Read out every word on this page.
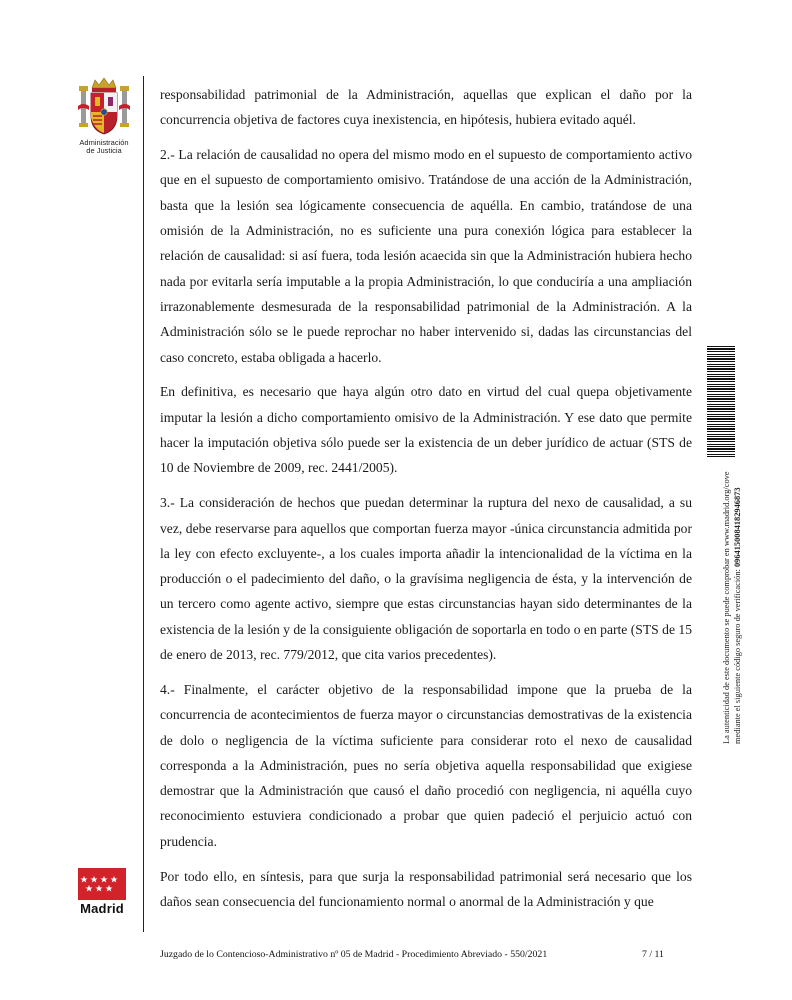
Administración
de Justicia
Madrid

responsabilidad patrimonial de la Administración, aquellas que explican el daño por la concurrencia objetiva de factores cuya inexistencia, en hipótesis, hubiera evitado aquél.

2.- La relación de causalidad no opera del mismo modo en el supuesto de comportamiento activo que en el supuesto de comportamiento omisivo. Tratándose de una acción de la Administración, basta que la lesión sea lógicamente consecuencia de aquélla. En cambio, tratándose de una omisión de la Administración, no es suficiente una pura conexión lógica para establecer la relación de causalidad: si así fuera, toda lesión acaecida sin que la Administración hubiera hecho nada por evitarla sería imputable a la propia Administración, lo que conduciría a una ampliación irrazonablemente desmesurada de la responsabilidad patrimonial de la Administración. A la Administración sólo se le puede reprochar no haber intervenido si, dadas las circunstancias del caso concreto, estaba obligada a hacerlo.

En definitiva, es necesario que haya algún otro dato en virtud del cual quepa objetivamente imputar la lesión a dicho comportamiento omisivo de la Administración. Y ese dato que permite hacer la imputación objetiva sólo puede ser la existencia de un deber jurídico de actuar (STS de 10 de Noviembre de 2009, rec. 2441/2005).

3.- La consideración de hechos que puedan determinar la ruptura del nexo de causalidad, a su vez, debe reservarse para aquellos que comportan fuerza mayor -única circunstancia admitida por la ley con efecto excluyente-, a los cuales importa añadir la intencionalidad de la víctima en la producción o el padecimiento del daño, o la gravísima negligencia de ésta, y la intervención de un tercero como agente activo, siempre que estas circunstancias hayan sido determinantes de la existencia de la lesión y de la consiguiente obligación de soportarla en todo o en parte (STS de 15 de enero de 2013, rec. 779/2012, que cita varios precedentes).

4.- Finalmente, el carácter objetivo de la responsabilidad impone que la prueba de la concurrencia de acontecimientos de fuerza mayor o circunstancias demostrativas de la existencia de dolo o negligencia de la víctima suficiente para considerar roto el nexo de causalidad corresponda a la Administración, pues no sería objetiva aquella responsabilidad que exigiese demostrar que la Administración que causó el daño procedió con negligencia, ni aquélla cuyo reconocimiento estuviera condicionado a probar que quien padeció el perjuicio actuó con prudencia.

Por todo ello, en síntesis, para que surja la responsabilidad patrimonial será necesario que los daños sean consecuencia del funcionamiento normal o anormal de la Administración y que

La autenticidad de este documento se puede comprobar en www.madrid.org/cove mediante el siguiente código seguro de verificación: 0964150084182946873
Juzgado de lo Contencioso-Administrativo nº 05 de Madrid - Procedimiento Abreviado - 550/2021	7 / 11
